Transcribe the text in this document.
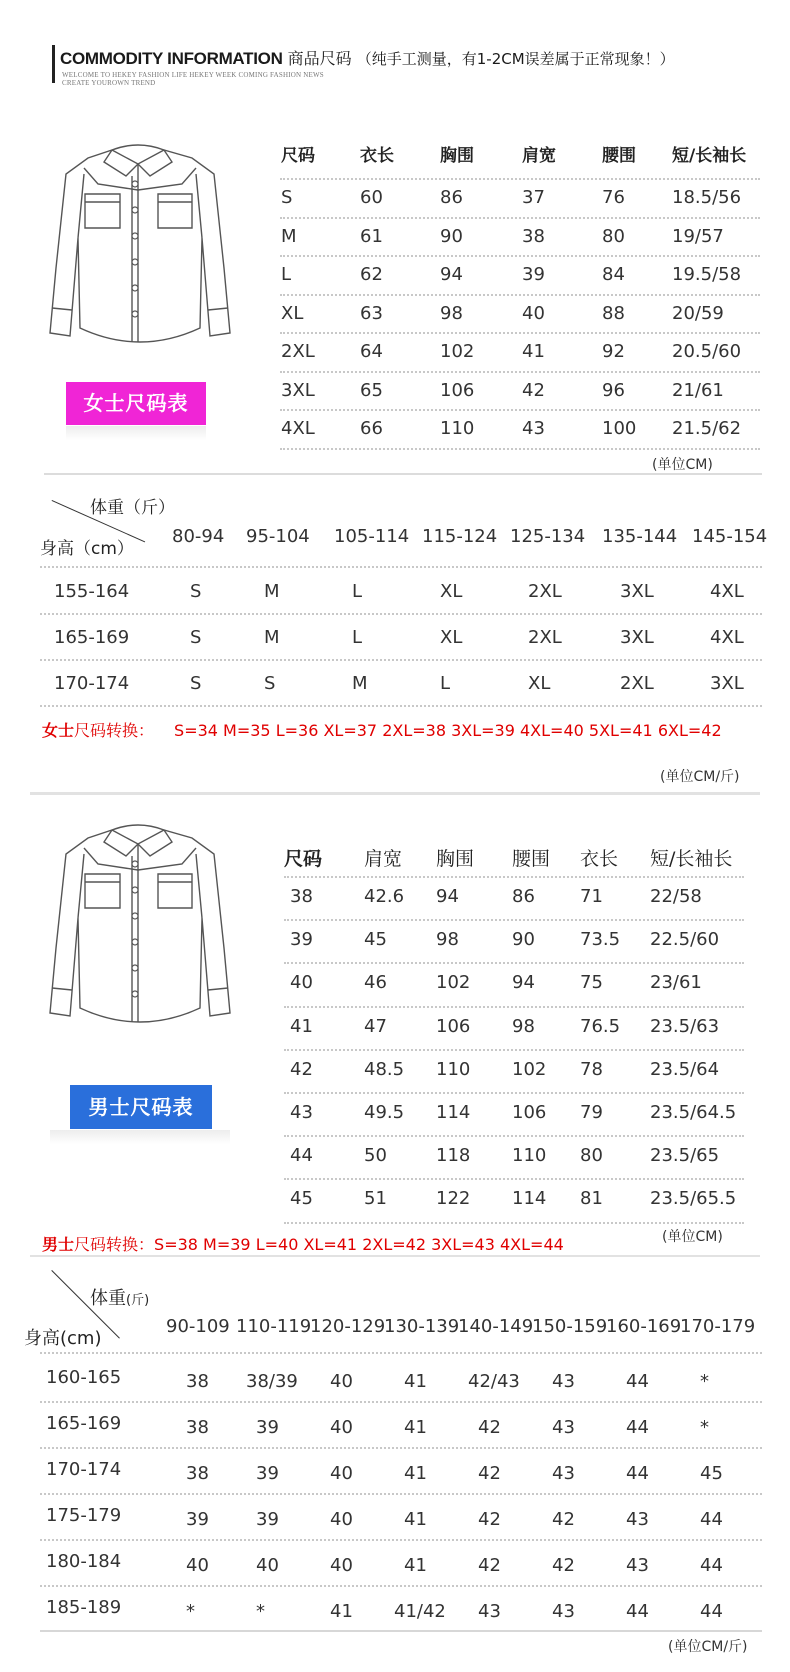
COMMODITY INFORMATION 商品尺码 （纯手工测量，有1-2CM误差属于正常现象！）
WELCOME TO HEKEY FASHION LIFE HEKEY WEEK COMING FASHION NEWS
CREATE YOUROWN TREND
女士尺码表
尺码	衣长	胸围	肩宽	腰围 短/长袖长
S	60	86	37	76	18.5/56
M	61	90	38	80	19/57
L	62	94	39	84	19.5/58
XL	63	98	40	88	20/59
2XL	64	102	41	92	20.5/60
3XL	65	106	42	96	21/61
4XL	66	110	43	100 21.5/62
(单位CM)
体重（斤）
身高（cm）
80-94 95-104 105-114 115-124 125-134 135-144 145-154
155-164	S	M	L	XL	2XL	3XL	4XL
165-169	S	M	L	XL	2XL	3XL	4XL
170-174	S	S	M	L	XL	2XL	3XL
女士尺码转换： S=34 M=35 L=36 XL=37 2XL=38 3XL=39 4XL=40 5XL=41 6XL=42
(单位CM/斤)
男士尺码表
尺码 肩宽 胸围 腰围 衣长 短/长袖长
38	42.6 94	86	71	22/58
39	45	98	90	73.5 22.5/60
40	46	102 94	75	23/61
41	47	106 98	76.5 23.5/63
42	48.5 110 102 78	23.5/64
43	49.5 114 106 79	23.5/64.5
44	50	118 110 80	23.5/65
45	51	122 114 81	23.5/65.5
男士尺码转换：S=38 M=39 L=40 XL=41 2XL=42 3XL=43 4XL=44	(单位CM)
体重(斤)
身高(cm)
90-109 110-119
120-129
130-139
140-149
150-159
160-169
170-179
160-165	38 38/39 40	41 42/43 43	44	*
165-169	38	39	40	41	42	43	44	*
170-174	38	39	40	41	42	43	44	45
175-179	39	39	40	41	42	42	43	44
180-184	40	40	40	41	42	42	43	44
185-189	*	*	41 41/42 43	43	44	44
(单位CM/斤)
